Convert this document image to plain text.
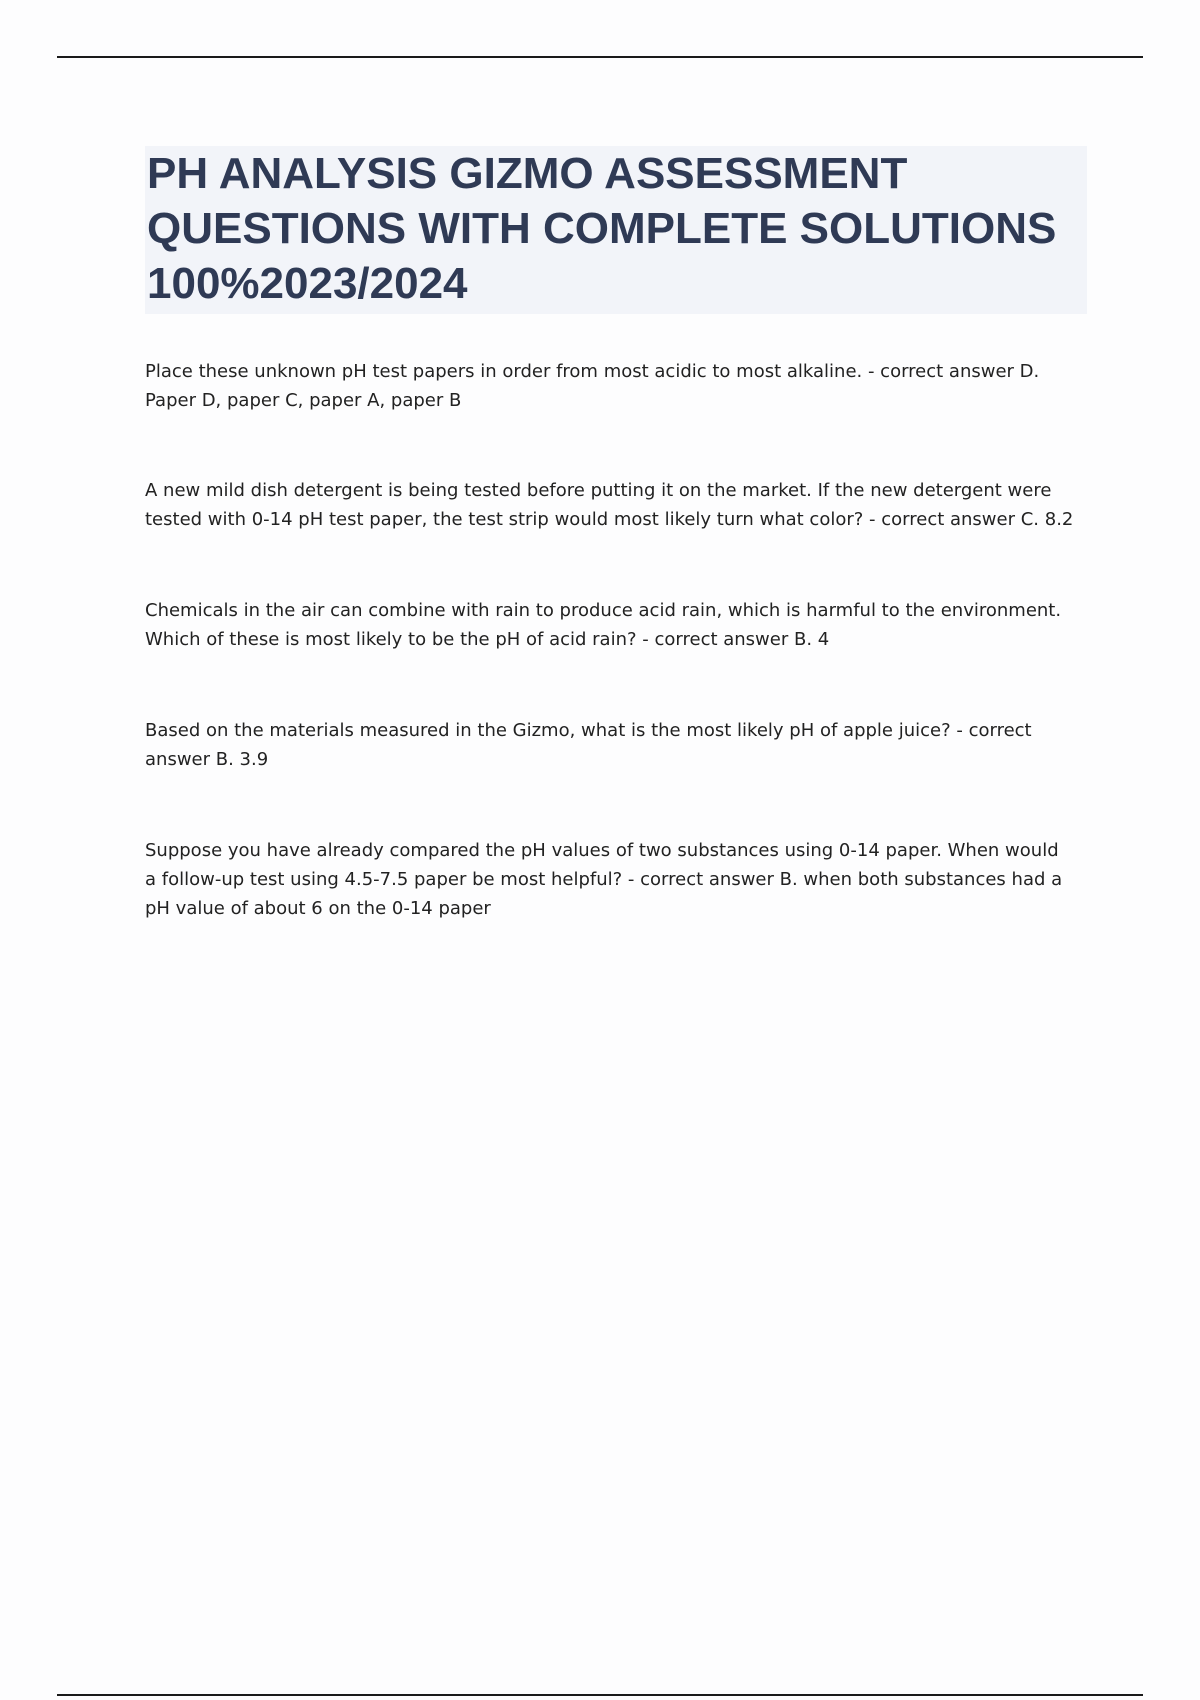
PH ANALYSIS GIZMO ASSESSMENT QUESTIONS WITH COMPLETE SOLUTIONS 100%2023/2024

Place these unknown pH test papers in order from most acidic to most alkaline. - correct answer D. Paper D, paper C, paper A, paper B

A new mild dish detergent is being tested before putting it on the market. If the new detergent were tested with 0-14 pH test paper, the test strip would most likely turn what color? - correct answer C. 8.2

Chemicals in the air can combine with rain to produce acid rain, which is harmful to the environment. Which of these is most likely to be the pH of acid rain? - correct answer B. 4

Based on the materials measured in the Gizmo, what is the most likely pH of apple juice? - correct answer B. 3.9

Suppose you have already compared the pH values of two substances using 0-14 paper. When would a follow-up test using 4.5-7.5 paper be most helpful? - correct answer B. when both substances had a pH value of about 6 on the 0-14 paper
